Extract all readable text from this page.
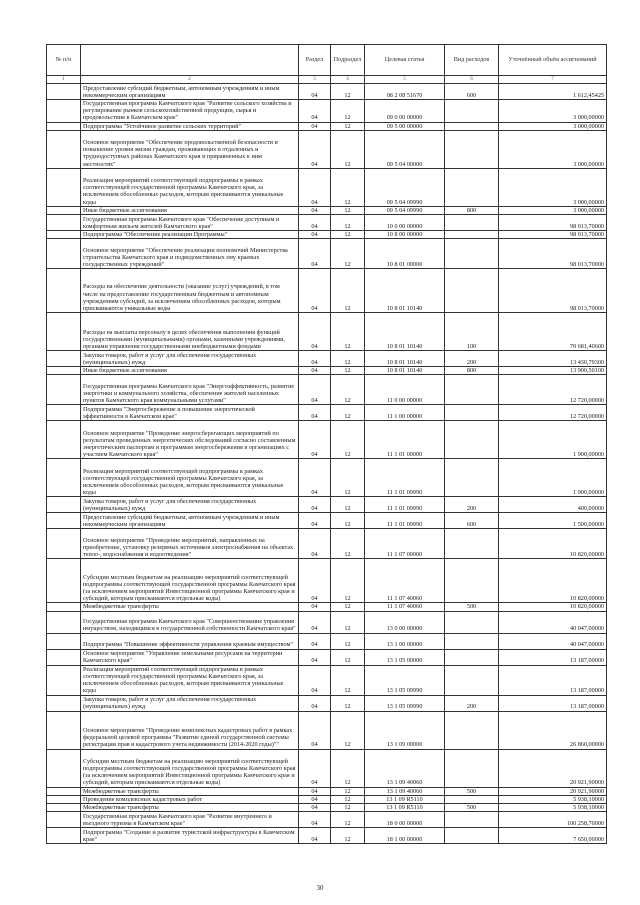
№ п/п		Раздел	Подраздел	Целевая статья	Вид расходов	Уточнённый объём ассигнований
1	2	3	4	5	6	7
	Предоставление субсидий бюджетным, автономным учреждениям и иным некоммерческим организациям	04	12	08 2 08 51670	600	1 612,45425
	Государственная программа Камчатского края "Развитие сельского хозяйства и регулирование рынков сельскохозяйственной продукции, сырья и продовольствия в Камчатском крае"	04	12	09 0 00 00000		3 000,00000
	Подпрограмма "Устойчивое развитие сельских территорий"	04	12	09 5 00 00000		3 000,00000
	Основное мероприятие "Обеспечение продовольственной безопасности и повышение уровня жизни граждан, проживающих в отдаленных и труднодоступных районах Камчатского края и приравненных к ним местностях"	04	12	09 5 04 00000		3 000,00000
	Реализация мероприятий соответствующей подпрограммы в рамках соответствующей государственной программы Камчатского края, за исключением обособленных расходов, которым присваиваются уникальные коды	04	12	09 5 04 09990		3 000,00000
	Иные бюджетные ассигнования	04	12	09 5 04 09990	800	3 000,00000
	Государственная программа Камчатского края "Обеспечение доступным и комфортным жильем жителей Камчатского края"	04	12	10 0 00 00000		98 013,70000
	Подпрограмма "Обеспечение реализации Программы"	04	12	10 8 00 00000		98 013,70000
	Основное мероприятие "Обеспечение реализации полномочий Министерства строительства Камчатского края и подведомственных ему краевых государственных учреждений"	04	12	10 8 01 00000		98 013,70000
	Расходы на обеспечение деятельности (оказание услуг) учреждений, в том числе на предоставление государственным бюджетным и автономным учреждениям субсидий, за исключением обособленных расходов, которым присваиваются уникальные коды	04	12	10 8 01 10140		98 013,70000
	Расходы на выплаты персоналу в целях обеспечения выполнения функций государственными (муниципальными) органами, казенными учреждениями, органами управления государственными внебюджетными фондами	04	12	10 8 01 10140	100	70 681,40600
	Закупка товаров, работ и услуг для обеспечения государственных (муниципальных) нужд	04	12	10 8 01 10140	200	13 430,79300
	Иные бюджетные ассигнования	04	12	10 8 01 10140	800	13 900,50100
	Государственная программа Камчатского края "Энергоэффективность, развитие энергетики и коммунального хозяйства, обеспечение жителей населенных пунктов Камчатского края коммунальными услугами"	04	12	11 0 00 00000		12 720,00000
	Подпрограмма "Энергосбережение и повышение энергетической эффективности в Камчатском крае"	04	12	11 1 00 00000		12 720,00000
	Основное мероприятие "Проведение энергосберегающих мероприятий по результатам проведенных энергетических обследований согласно составленным энергетическим паспортам и программам энергосбережения в организациях с участием Камчатского края"	04	12	11 1 01 00000		1 900,00000
	Реализация мероприятий соответствующей подпрограммы в рамках соответствующей государственной программы Камчатского края, за исключением обособленных расходов, которым присваиваются уникальные коды	04	12	11 1 01 09990		1 900,00000
	Закупка товаров, работ и услуг для обеспечения государственных (муниципальных) нужд	04	12	11 1 01 09990	200	400,00000
	Предоставление субсидий бюджетным, автономным учреждениям и иным некоммерческим организациям	04	12	11 1 01 09990	600	1 500,00000
	Основное мероприятие "Проведение мероприятий, направленных на приобретение, установку резервных источников электроснабжения на объектах тепло-, водоснабжения и водоотведения"	04	12	11 1 07 00000		10 820,00000
	Субсидии местным бюджетам на реализацию мероприятий соответствующей подпрограммы соответствующей государственной программы Камчатского края (за исключением мероприятий Инвестиционной программы Камчатского края и субсидий, которым присваиваются отдельные коды)	04	12	11 1 07 40060		10 820,00000
	Межбюджетные трансферты	04	12	11 1 07 40060	500	10 820,00000
	Государственная программа Камчатского края "Совершенствование управления имуществом, находящимся в государственной собственности Камчатского края"	04	12	13 0 00 00000		40 047,00000
	Подпрограмма "Повышение эффективности управления краевым имуществом"	04	12	13 1 00 00000		40 047,00000
	Основное мероприятие "Управление земельными ресурсами на территории Камчатского края"	04	12	13 1 05 00000		13 187,00000
	Реализация мероприятий соответствующей подпрограммы в рамках соответствующей государственной программы Камчатского края, за исключением обособленных расходов, которым присваиваются уникальные коды	04	12	13 1 05 09990		13 187,00000
	Закупка товаров, работ и услуг для обеспечения государственных (муниципальных) нужд	04	12	13 1 05 09990	200	13 187,00000
	Основное мероприятие "Проведение комплексных кадастровых работ в рамках федеральной целевой программы "Развитие единой государственной системы регистрации прав и кадастрового учета недвижимости (2014-2020 годы)""	04	12	13 1 09 00000		26 860,00000
	Субсидии местным бюджетам на реализацию мероприятий соответствующей подпрограммы соответствующей государственной программы Камчатского края (за исключением мероприятий Инвестиционной программы Камчатского края и субсидий, которым присваиваются отдельные коды)	04	12	13 1 09 40060		20 921,90000
	Межбюджетные трансферты	04	12	13 1 09 40060	500	20 921,90000
	Проведение комплексных кадастровых работ	04	12	13 1 09 R5110		5 938,10000
	Межбюджетные трансферты	04	12	13 1 09 R5110	500	5 938,10000
	Государственная программа Камчатского края "Развитие внутреннего и въездного туризма в Камчатском крае"	04	12	18 0 00 00000		100 258,70000
	Подпрограмма "Создание и развитие туристской инфраструктуры в Камчатском крае"	04	12	18 1 00 00000		7 650,00000
30
